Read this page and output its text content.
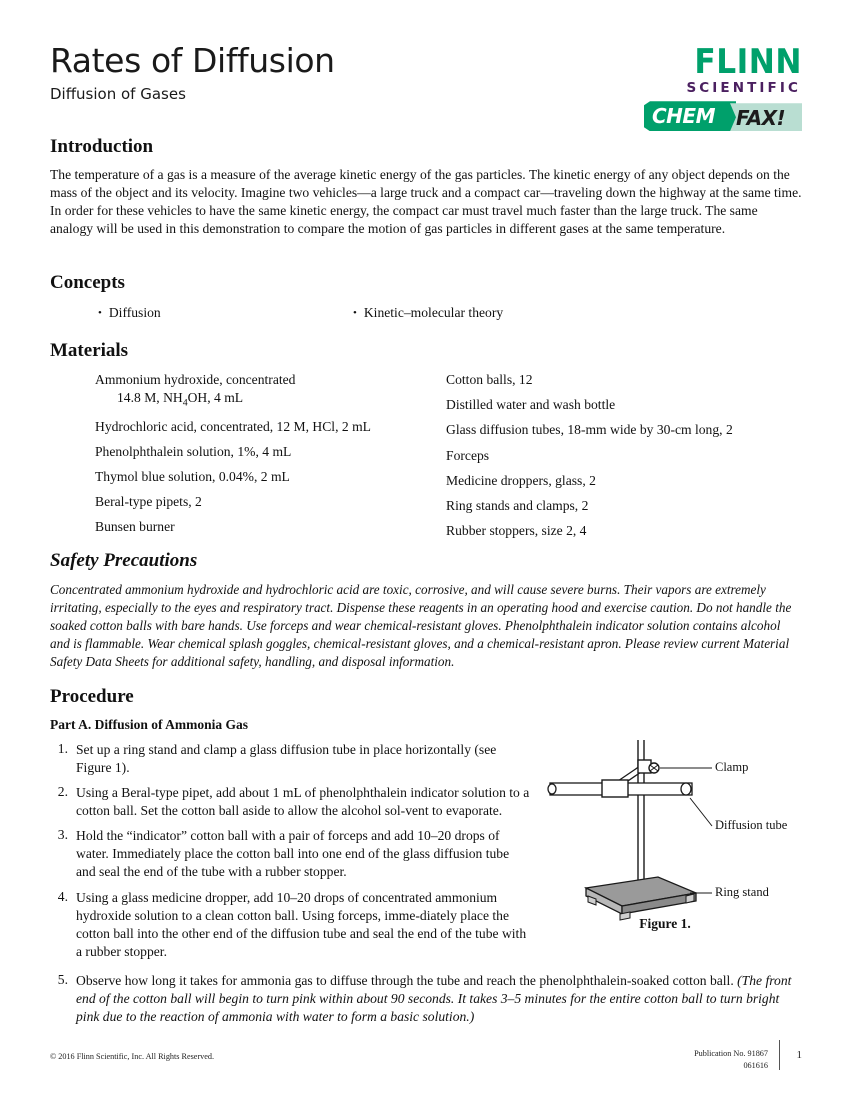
Rates of Diffusion
Diffusion of Gases
FLINN
SCIENTIFIC
CHEM FAX!
Introduction
The temperature of a gas is a measure of the average kinetic energy of the gas particles. The kinetic energy of any object depends on the mass of the object and its velocity. Imagine two vehicles—a large truck and a compact car—traveling down the highway at the same time. In order for these vehicles to have the same kinetic energy, the compact car must travel much faster than the large truck. The same analogy will be used in this demonstration to compare the motion of gas particles in different gases at the same temperature.
Concepts
• Diffusion	• Kinetic–molecular theory
Materials
Ammonium hydroxide, concentrated
14.8 M, $NH_4OH$, 4 mL
Hydrochloric acid, concentrated, 12 M, HCl, 2 mL
Phenolphthalein solution, 1%, 4 mL
Thymol blue solution, 0.04%, 2 mL
Beral-type pipets, 2
Bunsen burner
Cotton balls, 12
Distilled water and wash bottle
Glass diffusion tubes, 18-mm wide by 30-cm long, 2
Forceps
Medicine droppers, glass, 2
Ring stands and clamps, 2
Rubber stoppers, size 2, 4
Safety Precautions
Concentrated ammonium hydroxide and hydrochloric acid are toxic, corrosive, and will cause severe burns. Their vapors are extremely irritating, especially to the eyes and respiratory tract. Dispense these reagents in an operating hood and exercise caution. Do not handle the soaked cotton balls with bare hands. Use forceps and wear chemical-resistant gloves. Phenolphthalein indicator solution contains alcohol and is flammable. Wear chemical splash goggles, chemical-resistant gloves, and a chemical-resistant apron. Please review current Material Safety Data Sheets for additional safety, handling, and disposal information.
Procedure
Part A. Diffusion of Ammonia Gas
1. Set up a ring stand and clamp a glass diffusion tube in place horizontally (see Figure 1).
2. Using a Beral-type pipet, add about 1 mL of phenolphthalein indicator solution to a cotton ball. Set the cotton ball aside to allow the alcohol sol-vent to evaporate.
3. Hold the “indicator” cotton ball with a pair of forceps and add 10–20 drops of water. Immediately place the cotton ball into one end of the glass diffusion tube and seal the end of the tube with a rubber stopper.
4. Using a glass medicine dropper, add 10–20 drops of concentrated ammonium hydroxide solution to a clean cotton ball. Using forceps, imme-diately place the cotton ball into the other end of the diffusion tube and seal the end of the tube with a rubber stopper.
5. Observe how long it takes for ammonia gas to diffuse through the tube and reach the phenolphthalein-soaked cotton ball. (The front end of the cotton ball will begin to turn pink within about 90 seconds. It takes 3–5 minutes for the entire cotton ball to turn bright pink due to the reaction of ammonia with water to form a basic solution.)
Clamp
Diffusion tube
Ring stand
Figure 1.
© 2016 Flinn Scientific, Inc. All Rights Reserved.	Publication No. 91867
061616
1
